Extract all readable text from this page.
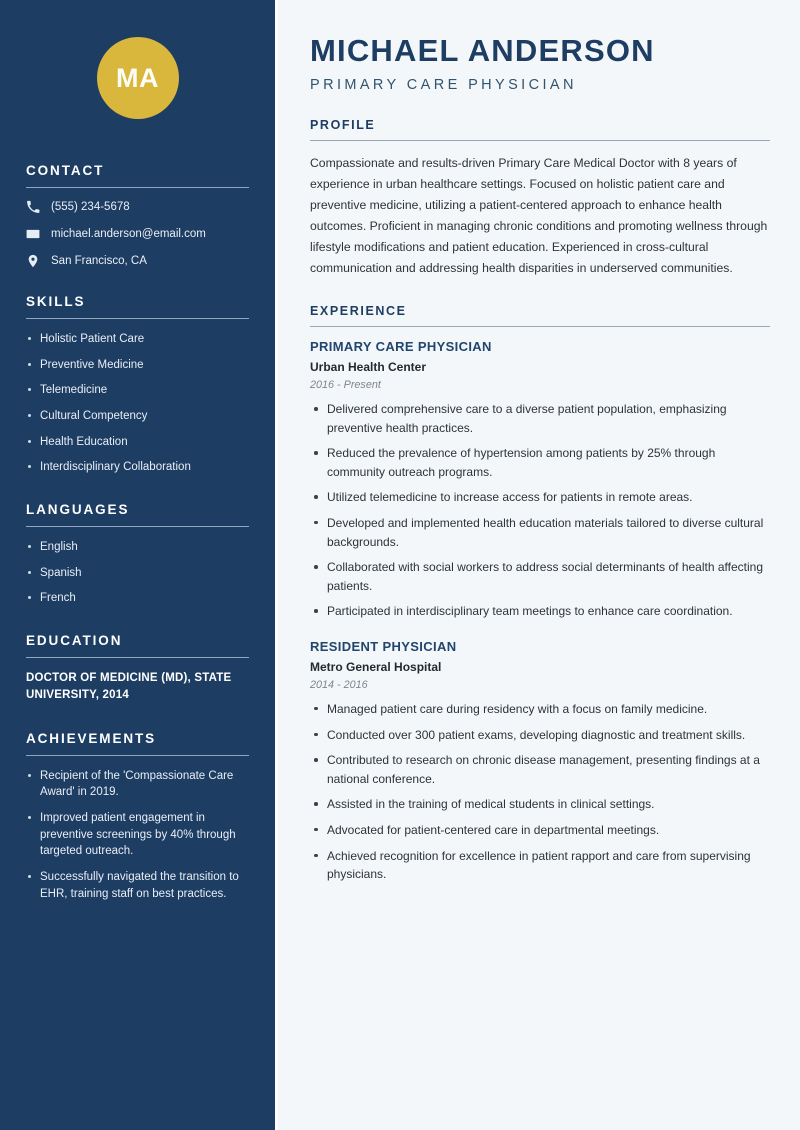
MA
CONTACT
(555) 234-5678
michael.anderson@email.com
San Francisco, CA
SKILLS
Holistic Patient Care
Preventive Medicine
Telemedicine
Cultural Competency
Health Education
Interdisciplinary Collaboration
LANGUAGES
English
Spanish
French
EDUCATION
DOCTOR OF MEDICINE (MD), STATE UNIVERSITY, 2014
ACHIEVEMENTS
Recipient of the 'Compassionate Care Award' in 2019.
Improved patient engagement in preventive screenings by 40% through targeted outreach.
Successfully navigated the transition to EHR, training staff on best practices.
MICHAEL ANDERSON
PRIMARY CARE PHYSICIAN
PROFILE

Compassionate and results-driven Primary Care Medical Doctor with 8 years of experience in urban healthcare settings. Focused on holistic patient care and preventive medicine, utilizing a patient-centered approach to enhance health outcomes. Proficient in managing chronic conditions and promoting wellness through lifestyle modifications and patient education. Experienced in cross-cultural communication and addressing health disparities in underserved communities.

EXPERIENCE
PRIMARY CARE PHYSICIAN
Urban Health Center
2016 - Present
Delivered comprehensive care to a diverse patient population, emphasizing preventive health practices.
Reduced the prevalence of hypertension among patients by 25% through community outreach programs.
Utilized telemedicine to increase access for patients in remote areas.
Developed and implemented health education materials tailored to diverse cultural backgrounds.
Collaborated with social workers to address social determinants of health affecting patients.
Participated in interdisciplinary team meetings to enhance care coordination.
RESIDENT PHYSICIAN
Metro General Hospital
2014 - 2016
Managed patient care during residency with a focus on family medicine.
Conducted over 300 patient exams, developing diagnostic and treatment skills.
Contributed to research on chronic disease management, presenting findings at a national conference.
Assisted in the training of medical students in clinical settings.
Advocated for patient-centered care in departmental meetings.
Achieved recognition for excellence in patient rapport and care from supervising physicians.
